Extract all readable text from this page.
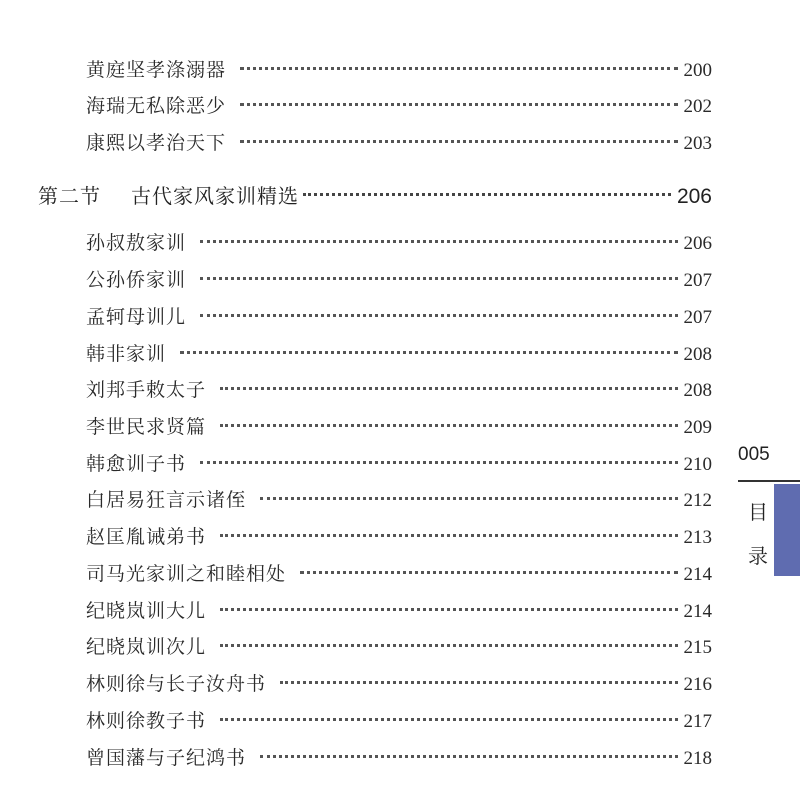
黄庭坚孝涤溺器	200
海瑞无私除恶少	202
康熙以孝治天下	203
第二节 古代家风家训精选	206
孙叔敖家训	206
公孙侨家训	207
孟轲母训儿	207
韩非家训	208
刘邦手敕太子	208
李世民求贤篇	209
韩愈训子书	210
白居易狂言示诸侄	212
赵匡胤诫弟书	213
司马光家训之和睦相处	214
纪晓岚训大儿	214
纪晓岚训次儿	215
林则徐与长子汝舟书	216
林则徐教子书	217
曾国藩与子纪鸿书	218
005
目
录
